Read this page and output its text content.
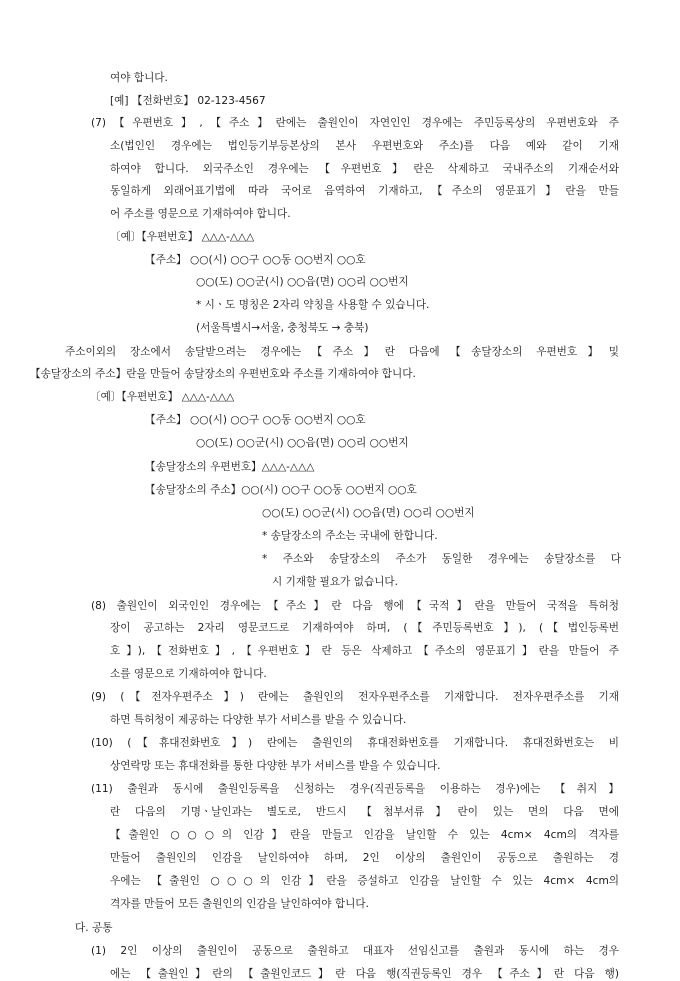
여야 합니다.
[예] 【전화번호】 02-123-4567
(7)【우편번호】,【주소】란에는 출원인이 자연인인 경우에는 주민등록상의 우편번호와 주
소(법인인 경우에는 법인등기부등본상의 본사 우편번호와 주소)를 다음 예와 같이 기재
하여야 합니다. 외국주소인 경우에는【우편번호】란은 삭제하고 국내주소의 기재순서와
동일하게 외래어표기법에 따라 국어로 음역하여 기재하고,【주소의 영문표기】란을 만들
어 주소를 영문으로 기재하여야 합니다.
〔예〕【우편번호】 △△△-△△△
【주소】 ○○(시) ○○구 ○○동 ○○번지 ○○호
○○(도) ○○군(시) ○○읍(면) ○○리 ○○번지
* 시ㆍ도 명칭은 2자리 약칭을 사용할 수 있습니다.
(서울특별시→서울, 충청북도 → 충북)
주소이외의 장소에서 송달받으려는 경우에는【주소】란 다음에【송달장소의 우편번호】및
【송달장소의 주소】란을 만들어 송달장소의 우편번호와 주소를 기재하여야 합니다.
〔예〕【우편번호】 △△△-△△△
【주소】 ○○(시) ○○구 ○○동 ○○번지 ○○호
○○(도) ○○군(시) ○○읍(면) ○○리 ○○번지
【송달장소의 우편번호】△△△-△△△
【송달장소의 주소】○○(시) ○○구 ○○동 ○○번지 ○○호
○○(도) ○○군(시) ○○읍(면) ○○리 ○○번지
* 송달장소의 주소는 국내에 한합니다.
* 주소와 송달장소의 주소가 동일한 경우에는 송달장소를 다
시 기재할 필요가 없습니다.
(8) 출원인이 외국인인 경우에는【주소】란 다음 행에【국적】란을 만들어 국적을 특허청
장이 공고하는 2자리 영문코드로 기재하여야 하며, (【주민등록번호】), (【법인등록번
호】),【전화번호】,【우편번호】란 등은 삭제하고【주소의 영문표기】란을 만들어 주
소를 영문으로 기재하여야 합니다.
(9) (【전자우편주소】) 란에는 출원인의 전자우편주소를 기재합니다. 전자우편주소를 기재
하면 특허청이 제공하는 다양한 부가 서비스를 받을 수 있습니다.
(10) (【휴대전화번호】) 란에는 출원인의 휴대전화번호를 기재합니다. 휴대전화번호는 비
상연락망 또는 휴대전화를 통한 다양한 부가 서비스를 받을 수 있습니다.
(11) 출원과 동시에 출원인등록을 신청하는 경우(직권등록을 이용하는 경우)에는 【취지】
란 다음의 기명ㆍ날인과는 별도로, 반드시 【첨부서류】란이 있는 면의 다음 면에
【출원인 ○○○의 인감】란을 만들고 인감을 날인할 수 있는 4cm× 4cm의 격자를
만들어 출원인의 인감을 날인하여야 하며, 2인 이상의 출원인이 공동으로 출원하는 경
우에는 【출원인 ○○○의 인감】란을 증설하고 인감을 날인할 수 있는 4cm× 4cm의
격자를 만들어 모든 출원인의 인감을 날인하여야 합니다.
다. 공통
(1) 2인 이상의 출원인이 공동으로 출원하고 대표자 선임신고를 출원과 동시에 하는 경우
에는 【출원인】란의 【출원인코드】란 다음 행(직권등록인 경우 【주소】란 다음 행)
